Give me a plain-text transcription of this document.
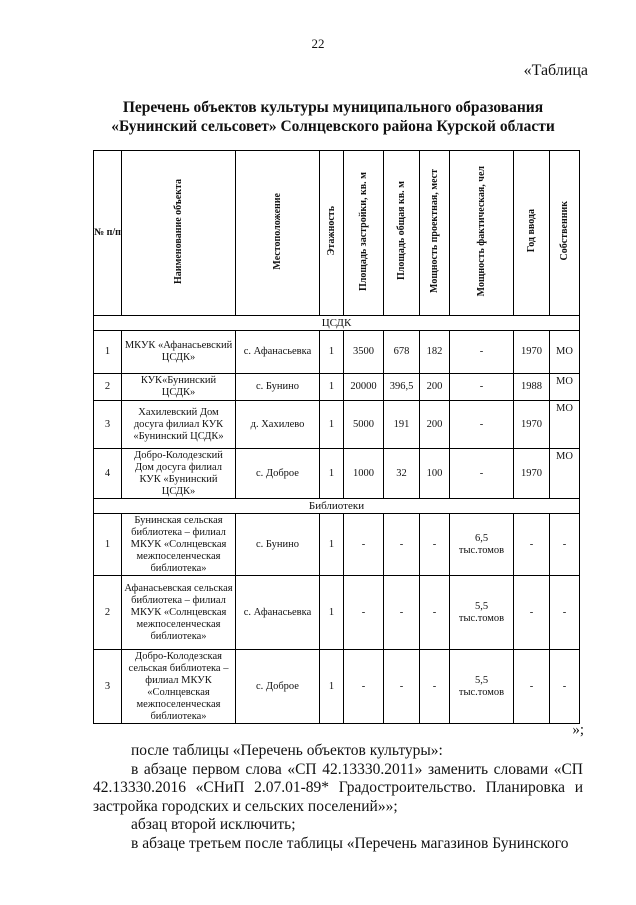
22
«Таблица
Перечень объектов культуры муниципального образования
«Бунинский сельсовет» Солнцевского района Курской области
№ п/п	Наименование объекта	Местоположение	Этажность	Площадь застройки, кв. м	Площадь общая кв. м	Мощность проектная, мест	Мощность фактическая, чел	Год ввода	Собственник
ЦСДК									
1	МКУК «Афанасьевский ЦСДК»	с. Афанасьевка	1	3500	678	182	-	1970	МО
2	КУК«Бунинский ЦСДК»	с. Бунино	1	20000	396,5	200	-	1988	МО
3	Хахилевский Дом досуга филиал КУК «Бунинский ЦСДК»	д. Хахилево	1	5000	191	200	-	1970	МО
4	Добро-Колодезский Дом досуга филиал КУК «Бунинский ЦСДК»	с. Доброе	1	1000	32	100	-	1970	МО
Библиотеки									
1	Бунинская сельская библиотека – филиал МКУК «Солнцевская межпоселенческая библиотека»	с. Бунино	1	-	-	-	6,5 тыс.томов	-	-
2	Афанасьевская сельская библиотека – филиал МКУК «Солнцевская межпоселенческая библиотека»	с. Афанасьевка	1	-	-	-	5,5 тыс.томов	-	-
3	Добро-Колодезская сельская библиотека – филиал МКУК «Солнцевская межпоселенческая библиотека»	с. Доброе	1	-	-	-	5,5 тыс.томов	-	-
»;

после таблицы «Перечень объектов культуры»:

в абзаце первом слова «СП 42.13330.2011» заменить словами «СП 42.13330.2016 «СНиП 2.07.01-89* Градостроительство. Планировка и застройка городских и сельских поселений»»;

абзац второй исключить;

в абзаце третьем после таблицы «Перечень магазинов Бунинского
